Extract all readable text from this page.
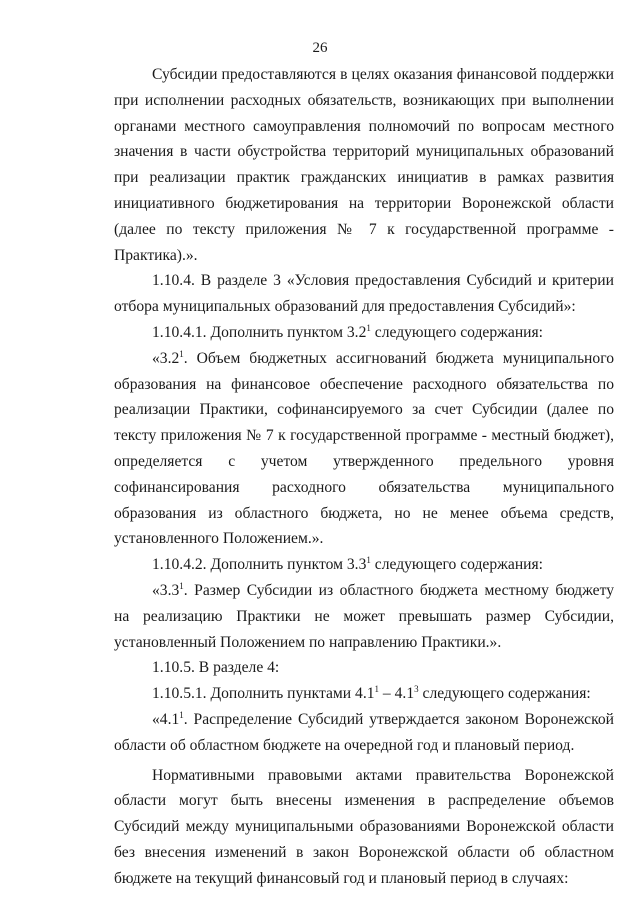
26

Субсидии предоставляются в целях оказания финансовой поддержки при исполнении расходных обязательств, возникающих при выполнении органами местного самоуправления полномочий по вопросам местного значения в части обустройства территорий муниципальных образований при реализации практик гражданских инициатив в рамках развития инициативного бюджетирования на территории Воронежской области (далее по тексту приложения № 7 к государственной программе - Практика).».

1.10.4. В разделе 3 «Условия предоставления Субсидий и критерии отбора муниципальных образований для предоставления Субсидий»:

1.10.4.1. Дополнить пунктом $3.2^1$ следующего содержания:

«$3.2^1$. Объем бюджетных ассигнований бюджета муниципального образования на финансовое обеспечение расходного обязательства по реализации Практики, софинансируемого за счет Субсидии (далее по тексту приложения № 7 к государственной программе - местный бюджет), определяется с учетом утвержденного предельного уровня софинансирования расходного обязательства муниципального образования из областного бюджета, но не менее объема средств, установленного Положением.».

1.10.4.2. Дополнить пунктом $3.3^1$ следующего содержания:

«$3.3^1$. Размер Субсидии из областного бюджета местному бюджету на реализацию Практики не может превышать размер Субсидии, установленный Положением по направлению Практики.».

1.10.5. В разделе 4:

1.10.5.1. Дополнить пунктами $4.1^1 - 4.1^3$ следующего содержания:

«$4.1^1$. Распределение Субсидий утверждается законом Воронежской области об областном бюджете на очередной год и плановый период.

Нормативными правовыми актами правительства Воронежской области могут быть внесены изменения в распределение объемов Субсидий между муниципальными образованиями Воронежской области без внесения изменений в закон Воронежской области об областном бюджете на текущий финансовый год и плановый период в случаях:
